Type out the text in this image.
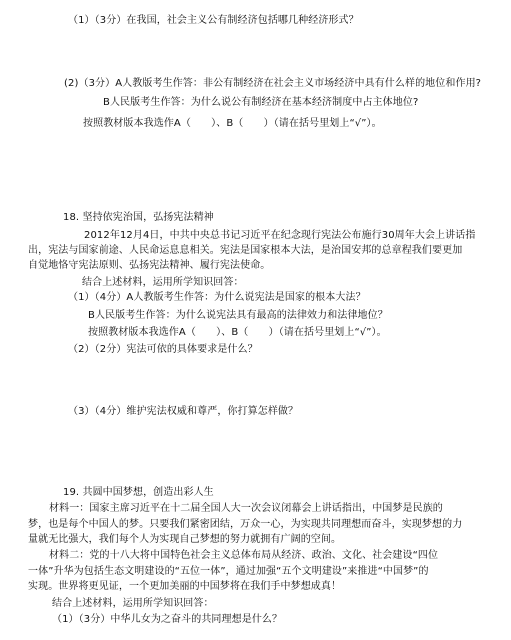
（1）（3分）在我国，社会主义公有制经济包括哪几种经济形式？
(2)（3分）A人教版考生作答：非公有制经济在社会主义市场经济中具有什么样的地位和作用?
B人民版考生作答：为什么说公有制经济在基本经济制度中占主体地位?
按照教材版本我选作A（　　）、B（　　）（请在括号里划上“√”）。
18. 坚持依宪治国，弘扬宪法精神
2012年12月4日，中共中央总书记习近平在纪念现行宪法公布施行30周年大会上讲话指
出，宪法与国家前途、人民命运息息相关。宪法是国家根本大法，是治国安邦的总章程我们要更加
自觉地恪守宪法原则、弘扬宪法精神、履行宪法使命。
结合上述材料，运用所学知识回答：
（1）（4分）A人教版考生作答：为什么说宪法是国家的根本大法？
B人民版考生作答：为什么说宪法具有最高的法律效力和法律地位？
按照教材版本我选作A（　　）、B（　　）（请在括号里划上“√”）。
（2）（2分）宪法可依的具体要求是什么？
（3）（4分）维护宪法权威和尊严，你打算怎样做？
19. 共圆中国梦想，创造出彩人生
材料一：国家主席习近平在十二届全国人大一次会议闭幕会上讲话指出，中国梦是民族的
梦，也是每个中国人的梦。只要我们紧密团结，万众一心，为实现共同理想而奋斗，实现梦想的力
量就无比强大，我们每个人为实现自己梦想的努力就拥有广阔的空间。
材料二：党的十八大将中国特色社会主义总体布局从经济、政治、文化、社会建设“四位
一体”升华为包括生态文明建设的“五位一体”，通过加强“五个文明建设”来推进“中国梦”的
实现。世界将更见证，一个更加美丽的中国梦将在我们手中梦想成真！
结合上述材料，运用所学知识回答：
（1）（3分）中华儿女为之奋斗的共同理想是什么？
